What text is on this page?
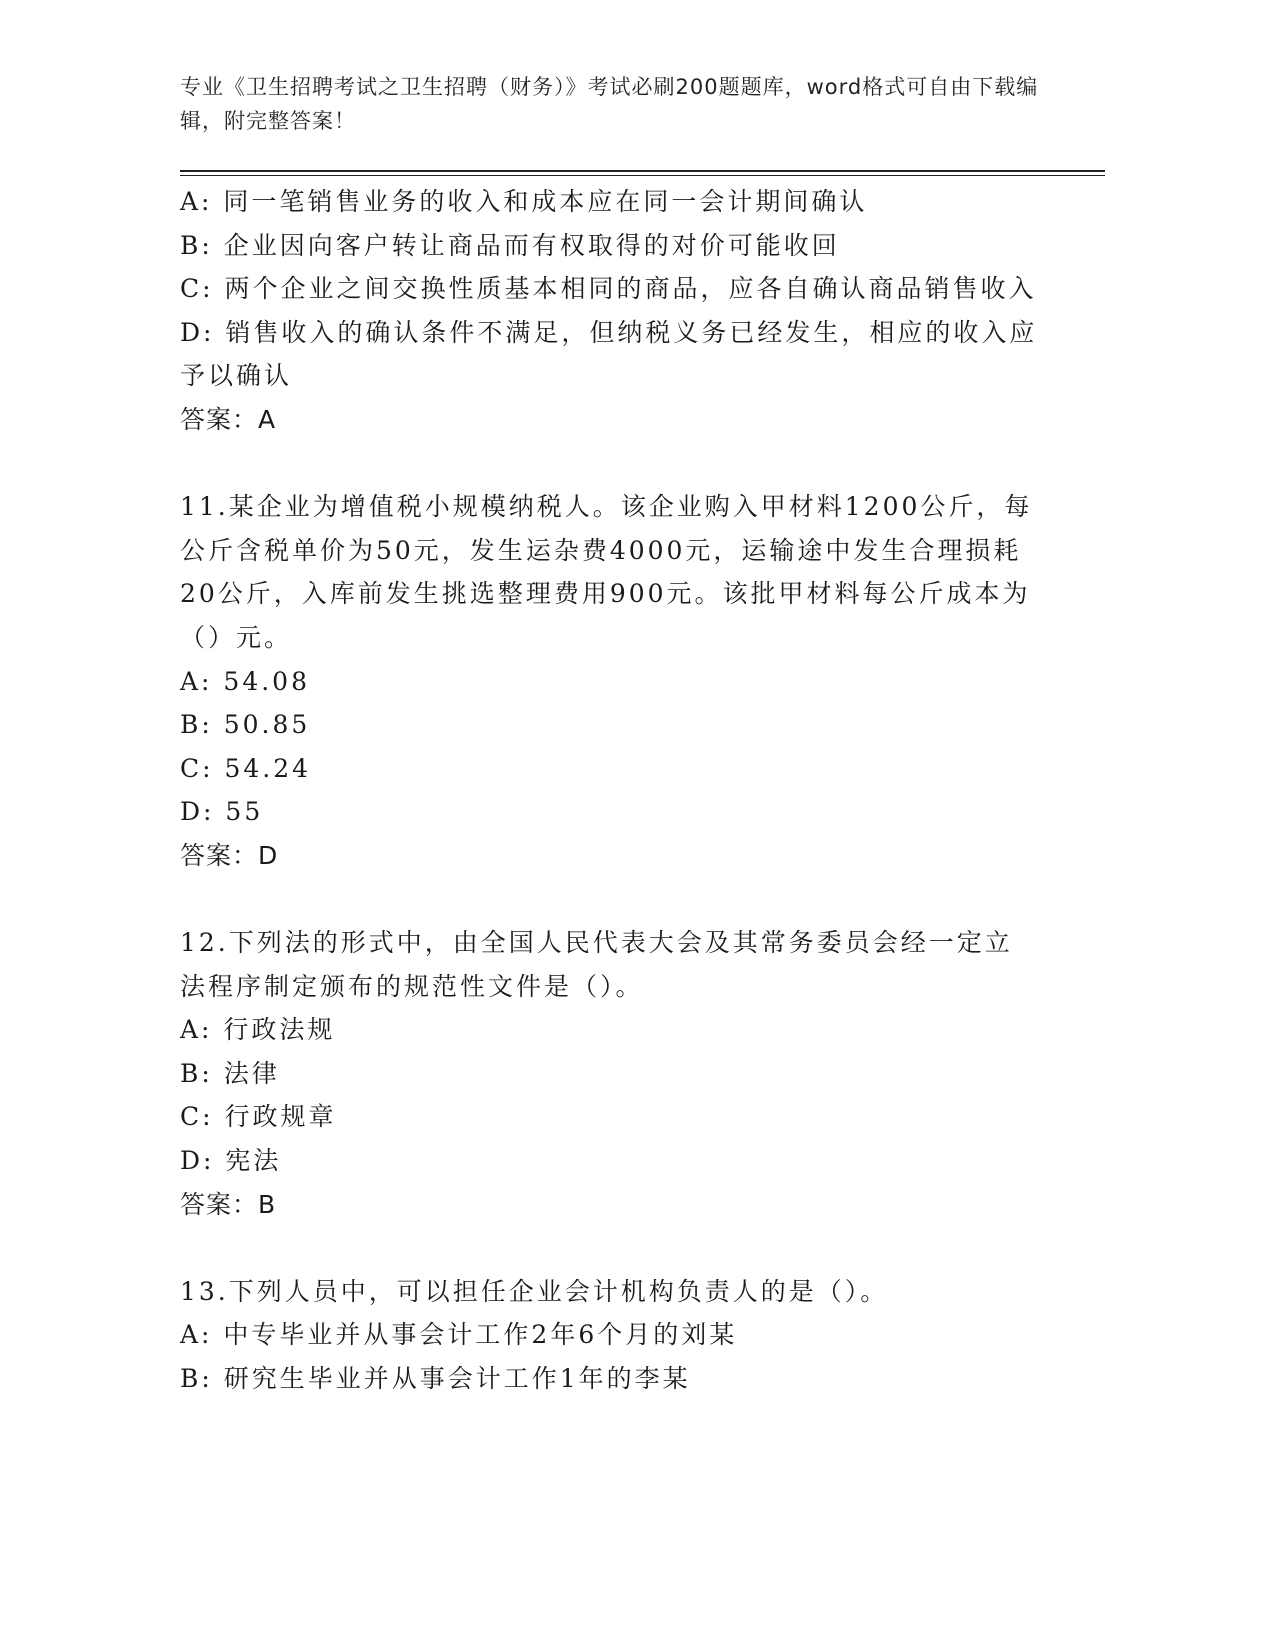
专业《卫生招聘考试之卫生招聘（财务）》考试必刷200题题库，word格式可自由下载编辑，附完整答案！
A: 同一笔销售业务的收入和成本应在同一会计期间确认
B: 企业因向客户转让商品而有权取得的对价可能收回
C: 两个企业之间交换性质基本相同的商品，应各自确认商品销售收入
D: 销售收入的确认条件不满足，但纳税义务已经发生，相应的收入应予以确认
答案：A
11.某企业为增值税小规模纳税人。该企业购入甲材料1200公斤，每公斤含税单价为50元，发生运杂费4000元，运输途中发生合理损耗20公斤，入库前发生挑选整理费用900元。该批甲材料每公斤成本为（）元。
A: 54.08
B: 50.85
C: 54.24
D: 55
答案：D
12.下列法的形式中，由全国人民代表大会及其常务委员会经一定立法程序制定颁布的规范性文件是（）。
A: 行政法规
B: 法律
C: 行政规章
D: 宪法
答案：B
13.下列人员中，可以担任企业会计机构负责人的是（）。
A: 中专毕业并从事会计工作2年6个月的刘某
B: 研究生毕业并从事会计工作1年的李某
